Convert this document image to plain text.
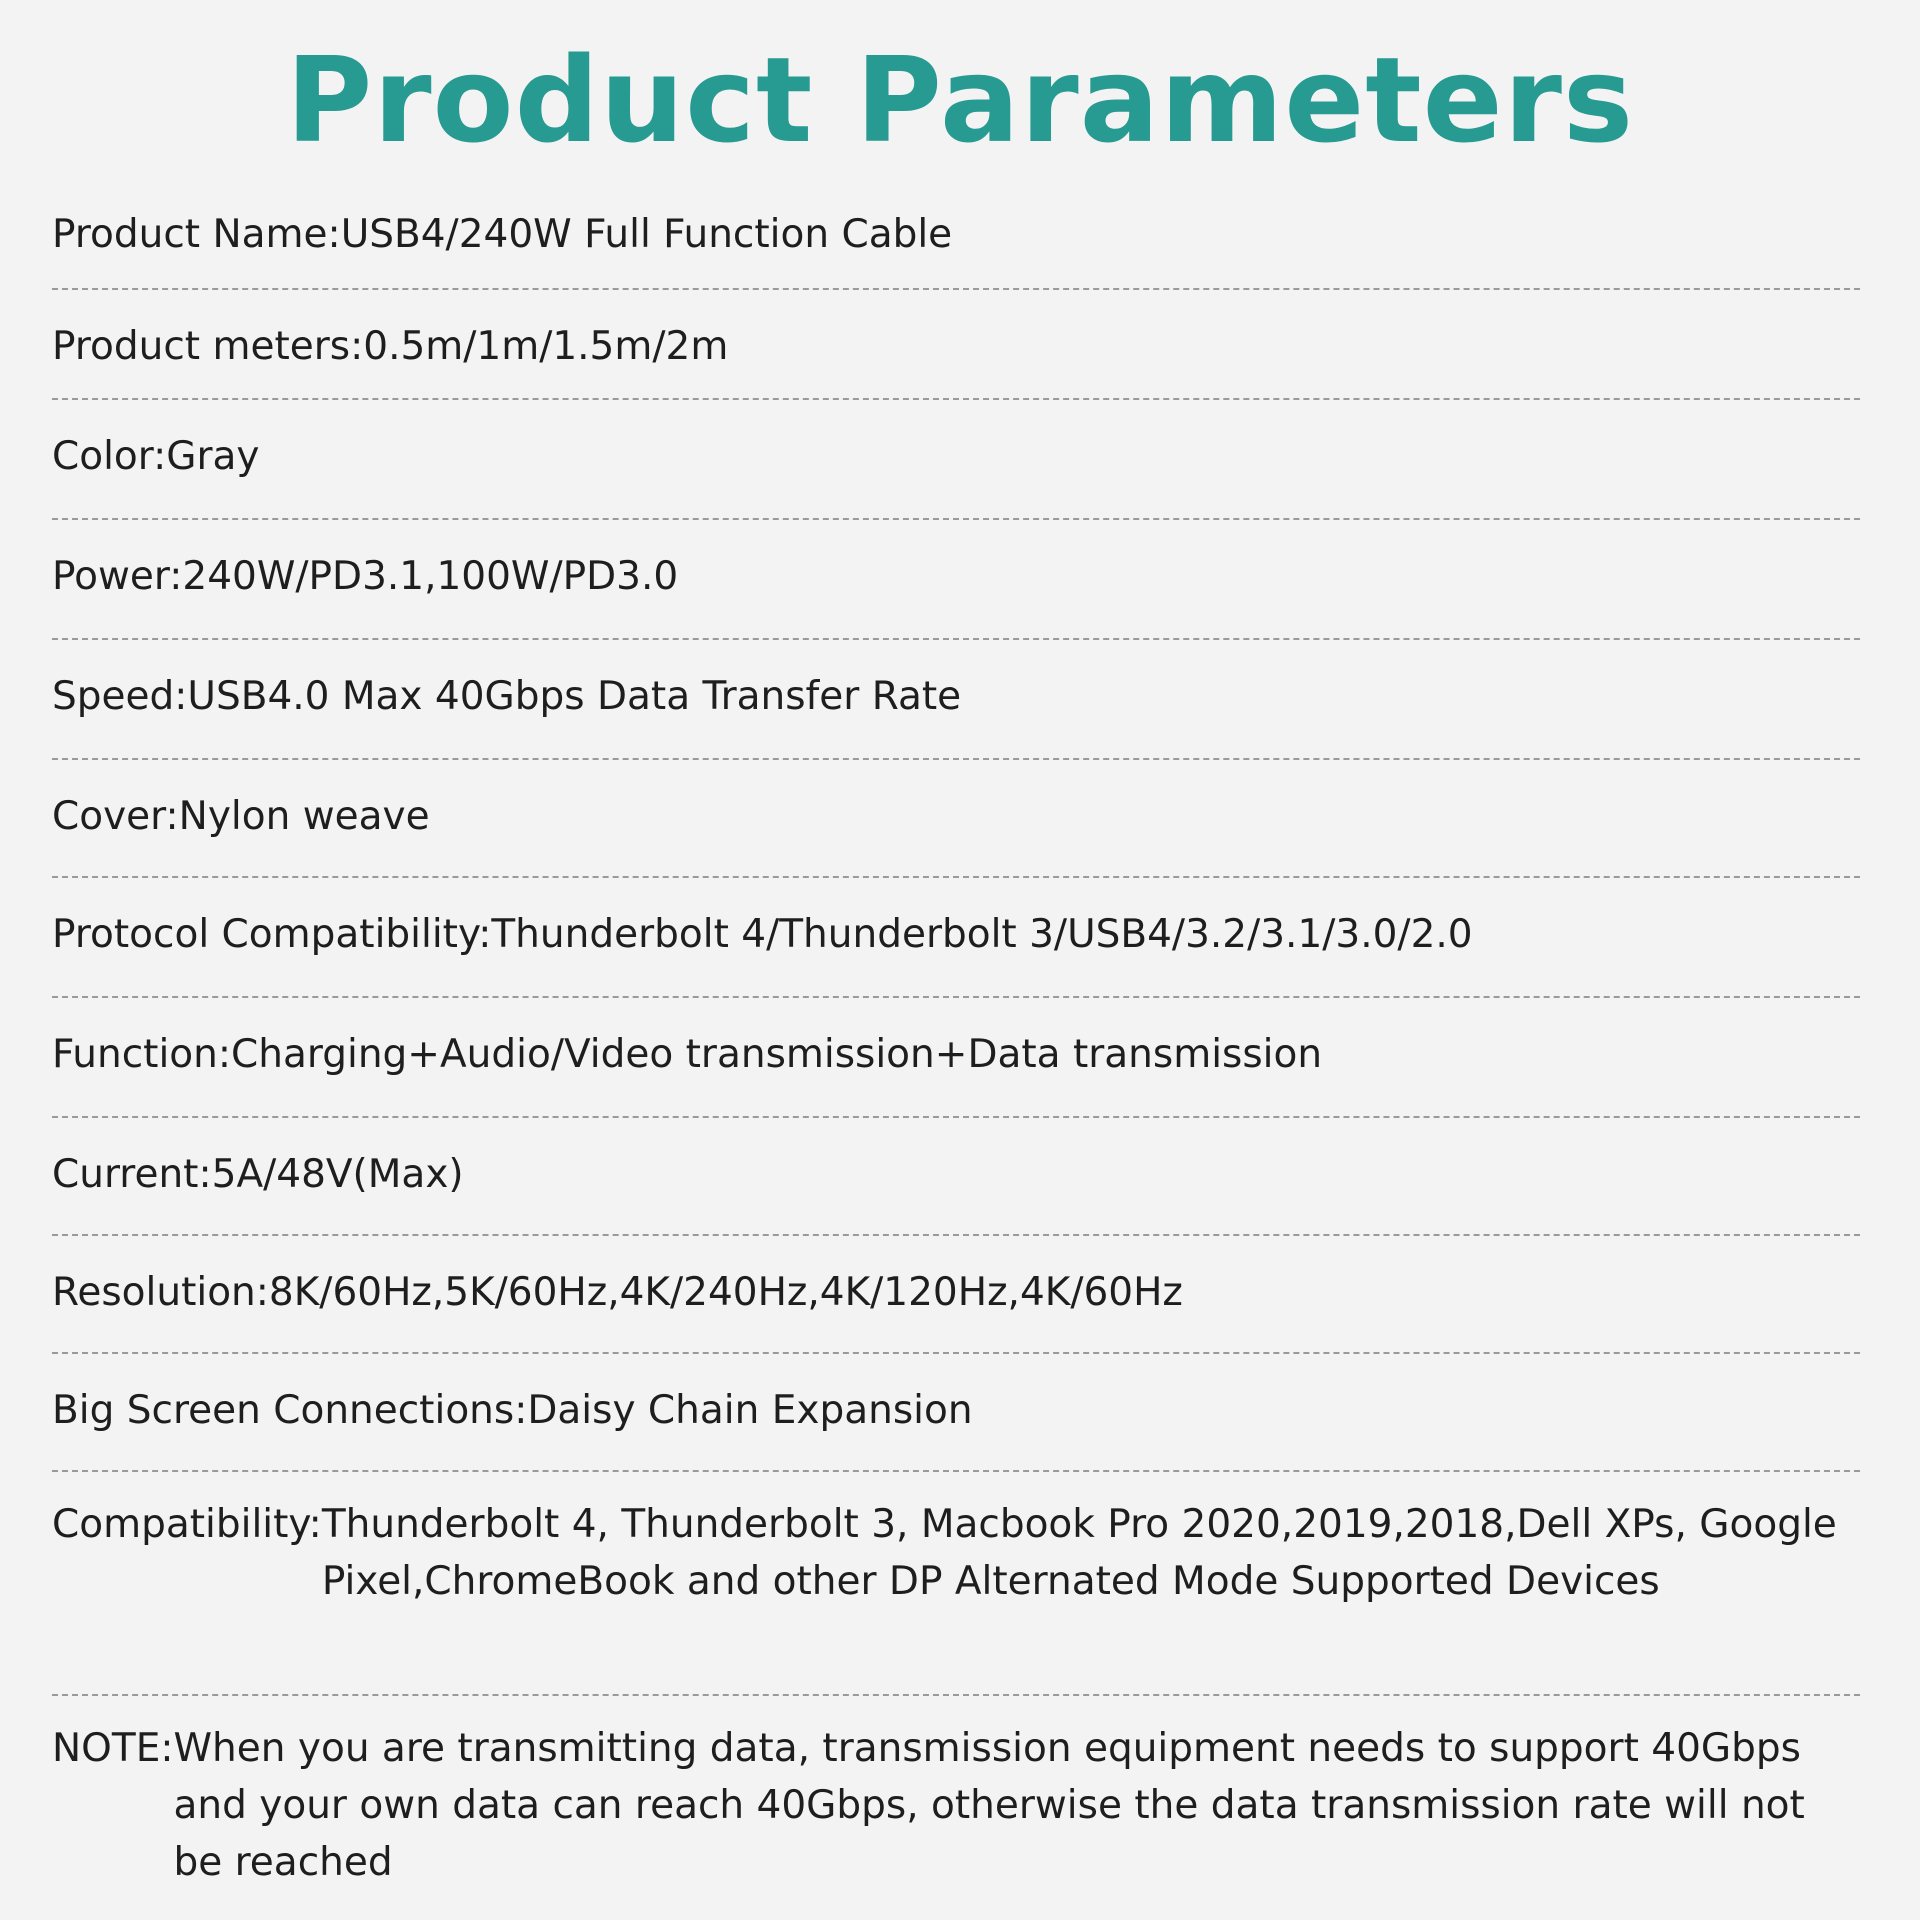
Product Parameters
Product Name: USB4/240W Full Function Cable
Product meters: 0.5m/1m/1.5m/2m
Color: Gray
Power: 240W/PD3.1,100W/PD3.0
Speed: USB4.0 Max 40Gbps Data Transfer Rate
Cover: Nylon weave
Protocol Compatibility: Thunderbolt 4/Thunderbolt 3/USB4/3.2/3.1/3.0/2.0
Function: Charging+Audio/Video transmission+Data transmission
Current: 5A/48V(Max)
Resolution: 8K/60Hz,5K/60Hz,4K/240Hz,4K/120Hz,4K/60Hz
Big Screen Connections: Daisy Chain Expansion
Compatibility: Thunderbolt 4, Thunderbolt 3, Macbook Pro 2020,2019,2018,Dell XPs, Google Pixel,ChromeBook and other DP Alternated Mode Supported Devices
NOTE: When you are transmitting data, transmission equipment needs to support 40Gbps and your own data can reach 40Gbps, otherwise the data transmission rate will not be reached
